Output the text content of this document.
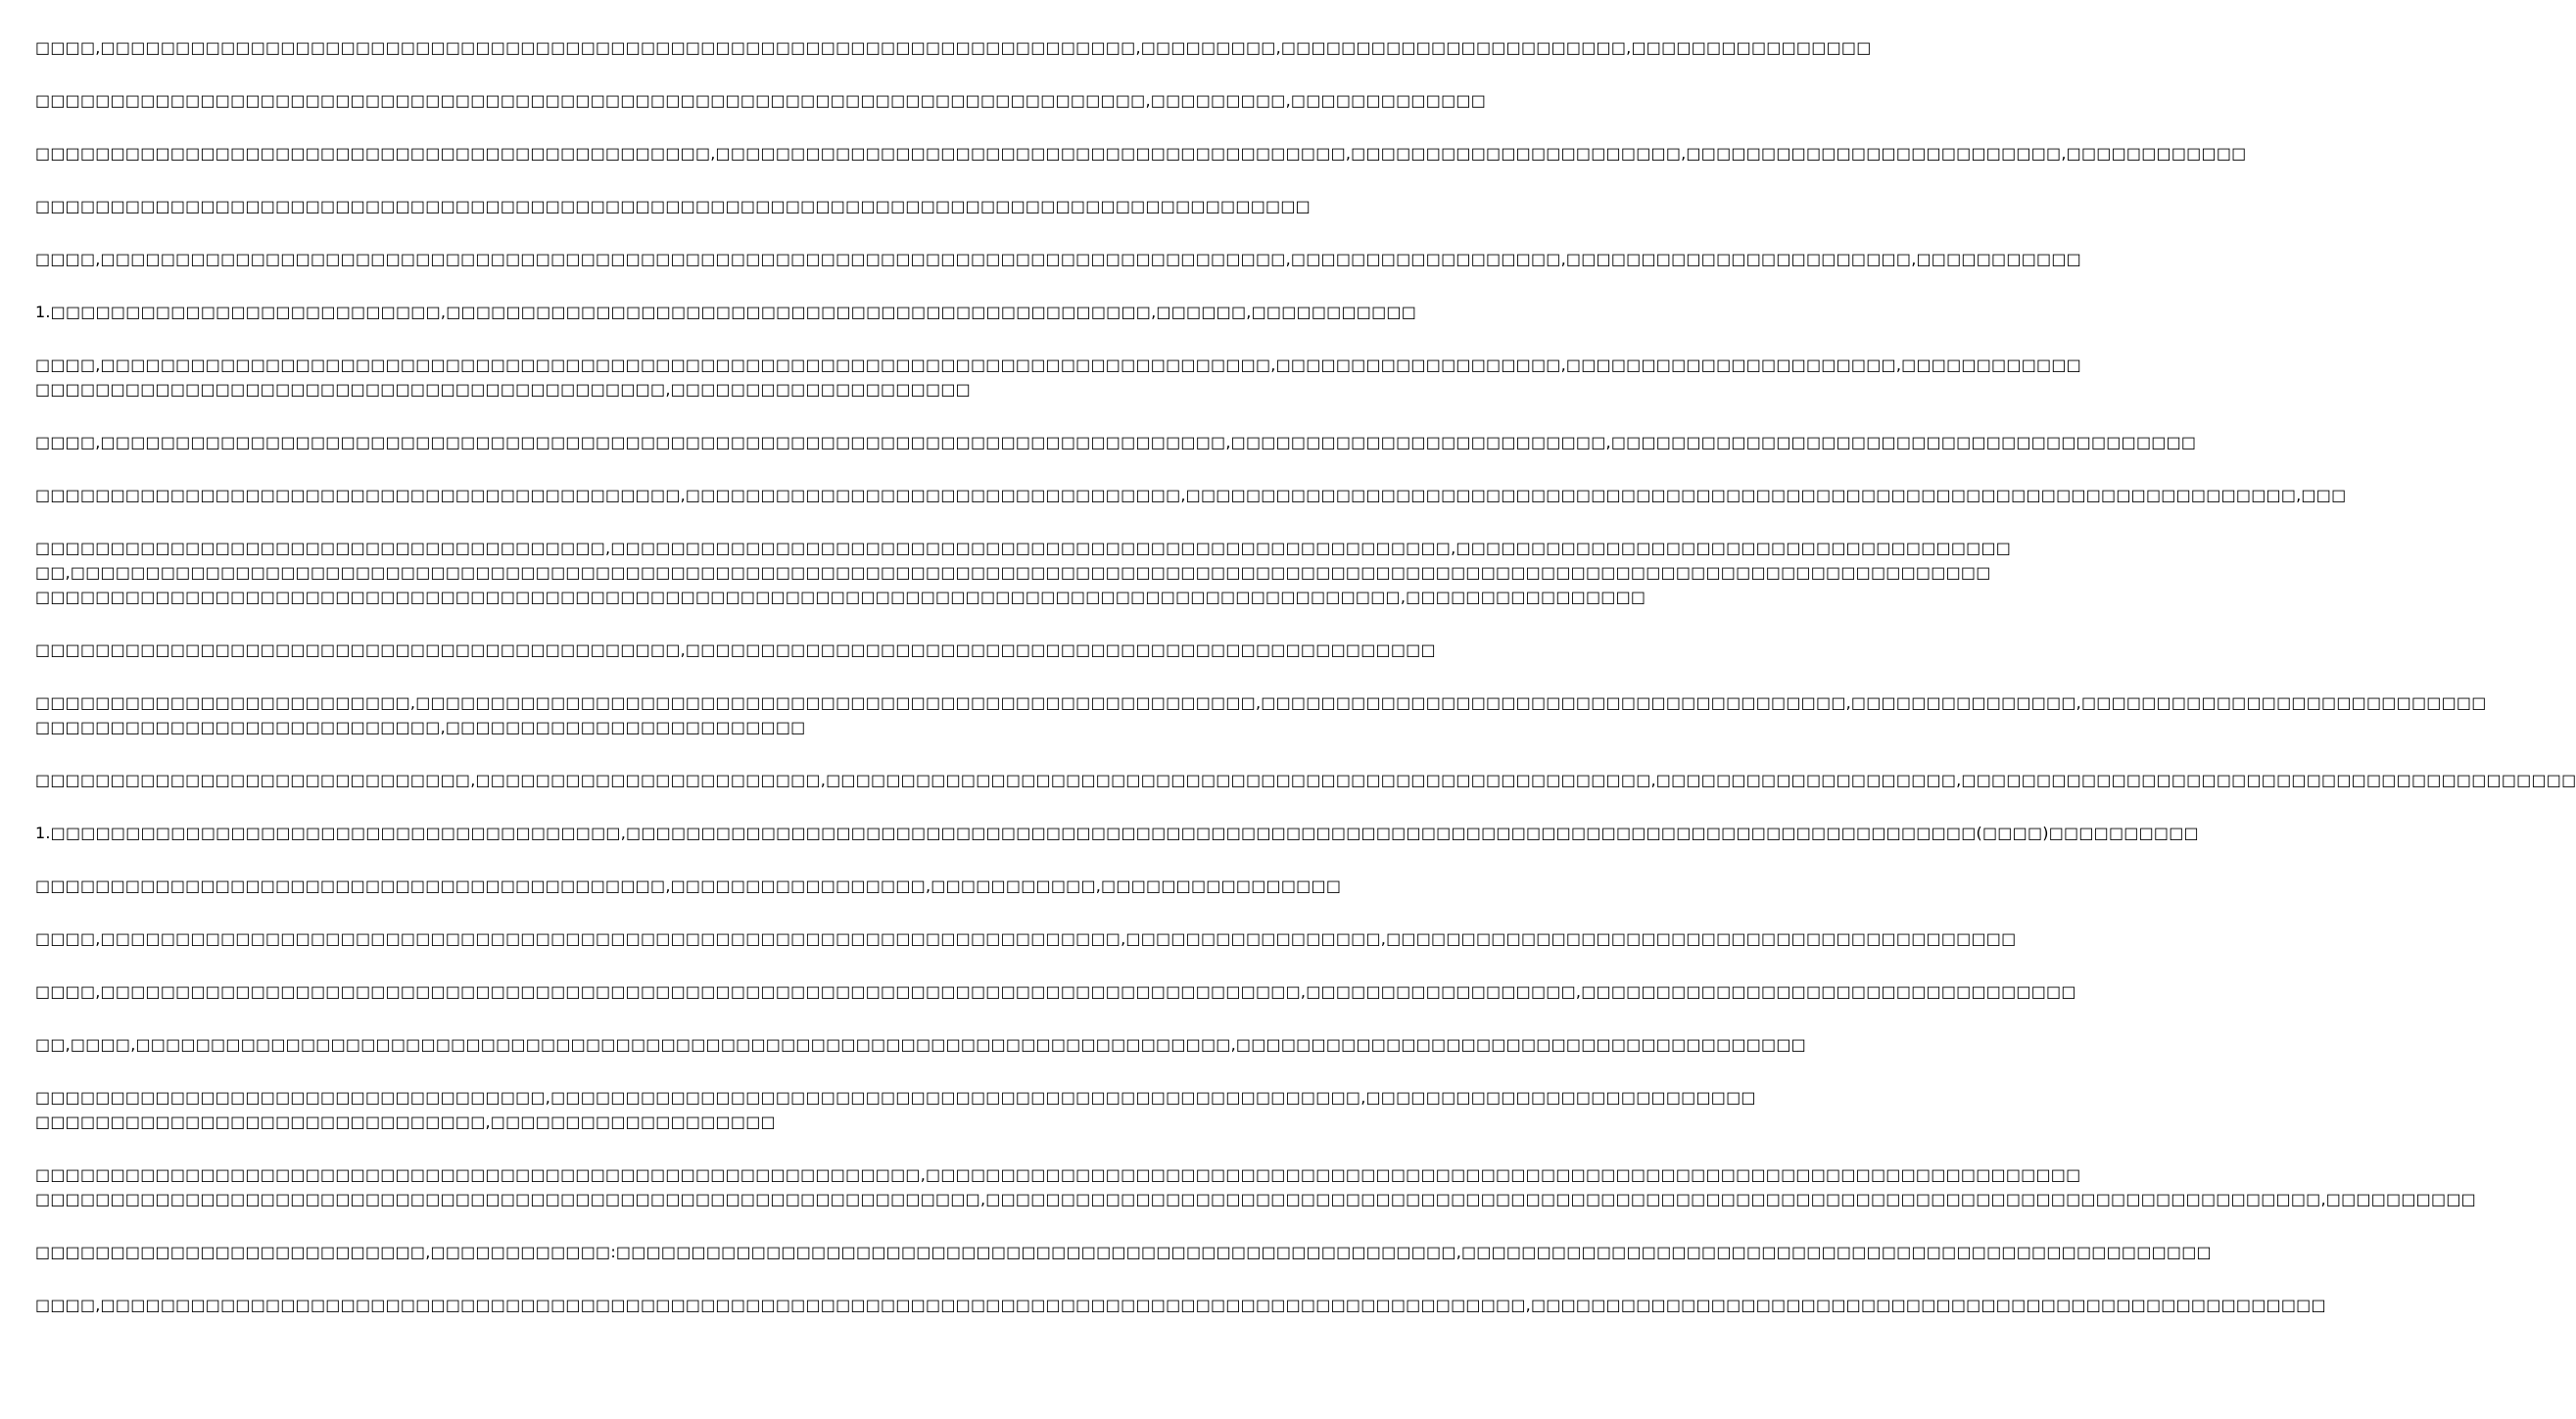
□□□□,□□□□□□□□□□□□□□□□□□□□□□□□□□□□□□□□□□□□□□□□□□□□□□□□□□□□□□□□□□□□□□□□□□□□□,□□□□□□□□□,□□□□□□□□□□□□□□□□□□□□□□□,□□□□□□□□□□□□□□□□

□□□□□□□□□□□□□□□□□□□□□□□□□□□□□□□□□□□□□□□□□□□□□□□□□□□□□□□□□□□□□□□□□□□□□□□□□□,□□□□□□□□□,□□□□□□□□□□□□□

□□□□□□□□□□□□□□□□□□□□□□□□□□□□□□□□□□□□□□□□□□□□□,□□□□□□□□□□□□□□□□□□□□□□□□□□□□□□□□□□□□□□□□□□,□□□□□□□□□□□□□□□□□□□□□□,□□□□□□□□□□□□□□□□□□□□□□□□□,□□□□□□□□□□□□

□□□□□□□□□□□□□□□□□□□□□□□□□□□□□□□□□□□□□□□□□□□□□□□□□□□□□□□□□□□□□□□□□□□□□□□□□□□□□□□□□□□□□

□□□□,□□□□□□□□□□□□□□□□□□□□□□□□□□□□□□□□□□□□□□□□□□□□□□□□□□□□□□□□□□□□□□□□□□□□□□□□□□□□□□□,□□□□□□□□□□□□□□□□□□,□□□□□□□□□□□□□□□□□□□□□□□,□□□□□□□□□□□

1.□□□□□□□□□□□□□□□□□□□□□□□□□□,□□□□□□□□□□□□□□□□□□□□□□□□□□□□□□□□□□□□□□□□□□□□□□□,□□□□□□,□□□□□□□□□□□

□□□□,□□□□□□□□□□□□□□□□□□□□□□□□□□□□□□□□□□□□□□□□□□□□□□□□□□□□□□□□□□□□□□□□□□□□□□□□□□□□□□,□□□□□□□□□□□□□□□□□□□,□□□□□□□□□□□□□□□□□□□□□□,□□□□□□□□□□□□
□□□□□□□□□□□□□□□□□□□□□□□□□□□□□□□□□□□□□□□□□□,□□□□□□□□□□□□□□□□□□□□

□□□□,□□□□□□□□□□□□□□□□□□□□□□□□□□□□□□□□□□□□□□□□□□□□□□□□□□□□□□□□□□□□□□□□□□□□□□□□□□□,□□□□□□□□□□□□□□□□□□□□□□□□□,□□□□□□□□□□□□□□□□□□□□□□□□□□□□□□□□□□□□□□□

□□□□□□□□□□□□□□□□□□□□□□□□□□□□□□□□□□□□□□□□□□□,□□□□□□□□□□□□□□□□□□□□□□□□□□□□□□□□□,□□□□□□□□□□□□□□□□□□□□□□□□□□□□□□□□□□□□□□□□□□□□□□□□□□□□□□□□□□□□□□□□□□□□□□□□□□,□□□

□□□□□□□□□□□□□□□□□□□□□□□□□□□□□□□□□□□□□□,□□□□□□□□□□□□□□□□□□□□□□□□□□□□□□□□□□□□□□□□□□□□□□□□□□□□□□□□,□□□□□□□□□□□□□□□□□□□□□□□□□□□□□□□□□□□□□
□□,□□□□□□□□□□□□□□□□□□□□□□□□□□□□□□□□□□□□□□□□□□□□□□□□□□□□□□□□□□□□□□□□□□□□□□□□□□□□□□□□□□□□□□□□□□□□□□□□□□□□□□□□□□□□□□□□□□□□□□□□□□□□□□□□
□□□□□□□□□□□□□□□□□□□□□□□□□□□□□□□□□□□□□□□□□□□□□□□□□□□□□□□□□□□□□□□□□□□□□□□□□□□□□□□□□□□□□□□□□□□,□□□□□□□□□□□□□□□□

□□□□□□□□□□□□□□□□□□□□□□□□□□□□□□□□□□□□□□□□□□□,□□□□□□□□□□□□□□□□□□□□□□□□□□□□□□□□□□□□□□□□□□□□□□□□□□

□□□□□□□□□□□□□□□□□□□□□□□□□,□□□□□□□□□□□□□□□□□□□□□□□□□□□□□□□□□□□□□□□□□□□□□□□□□□□□□□□□,□□□□□□□□□□□□□□□□□□□□□□□□□□□□□□□□□□□□□□□,□□□□□□□□□□□□□□□,□□□□□□□□□□□□□□□□□□□□□□□□□□□
□□□□□□□□□□□□□□□□□□□□□□□□□□□,□□□□□□□□□□□□□□□□□□□□□□□□

□□□□□□□□□□□□□□□□□□□□□□□□□□□□□,□□□□□□□□□□□□□□□□□□□□□□□,□□□□□□□□□□□□□□□□□□□□□□□□□□□□□□□□□□□□□□□□□□□□□□□□□□□□□□□,□□□□□□□□□□□□□□□□□□□□,□□□□□□□□□□□□□□□□□□□□□□□□□□□□□□□□□□□□□□□□□

1.□□□□□□□□□□□□□□□□□□□□□□□□□□□□□□□□□□□□□□,□□□□□□□□□□□□□□□□□□□□□□□□□□□□□□□□□□□□□□□□□□□□□□□□□□□□□□□□□□□□□□□□□□□□□□□□□□□□□□□□□□□□□□□□□□(□□□□)□□□□□□□□□□

□□□□□□□□□□□□□□□□□□□□□□□□□□□□□□□□□□□□□□□□□□,□□□□□□□□□□□□□□□□□,□□□□□□□□□□□,□□□□□□□□□□□□□□□□

□□□□,□□□□□□□□□□□□□□□□□□□□□□□□□□□□□□□□□□□□□□□□□□□□□□□□□□□□□□□□□□□□□□□□□□□□,□□□□□□□□□□□□□□□□□,□□□□□□□□□□□□□□□□□□□□□□□□□□□□□□□□□□□□□□□□□□

□□□□,□□□□□□□□□□□□□□□□□□□□□□□□□□□□□□□□□□□□□□□□□□□□□□□□□□□□□□□□□□□□□□□□□□□□□□□□□□□□□□□□,□□□□□□□□□□□□□□□□□□,□□□□□□□□□□□□□□□□□□□□□□□□□□□□□□□□□

□□,□□□□,□□□□□□□□□□□□□□□□□□□□□□□□□□□□□□□□□□□□□□□□□□□□□□□□□□□□□□□□□□□□□□□□□□□□□□□□□,□□□□□□□□□□□□□□□□□□□□□□□□□□□□□□□□□□□□□□

□□□□□□□□□□□□□□□□□□□□□□□□□□□□□□□□□□,□□□□□□□□□□□□□□□□□□□□□□□□□□□□□□□□□□□□□□□□□□□□□□□□□□□□□□,□□□□□□□□□□□□□□□□□□□□□□□□□□
□□□□□□□□□□□□□□□□□□□□□□□□□□□□□□,□□□□□□□□□□□□□□□□□□□

□□□□□□□□□□□□□□□□□□□□□□□□□□□□□□□□□□□□□□□□□□□□□□□□□□□□□□□□□□□,□□□□□□□□□□□□□□□□□□□□□□□□□□□□□□□□□□□□□□□□□□□□□□□□□□□□□□□□□□□□□□□□□□□□□□□□□□□□□
□□□□□□□□□□□□□□□□□□□□□□□□□□□□□□□□□□□□□□□□□□□□□□□□□□□□□□□□□□□□□□□,□□□□□□□□□□□□□□□□□□□□□□□□□□□□□□□□□□□□□□□□□□□□□□□□□□□□□□□□□□□□□□□□□□□□□□□□□□□□□□□□□□□□□□□□□,□□□□□□□□□□

□□□□□□□□□□□□□□□□□□□□□□□□□□,□□□□□□□□□□□□:□□□□□□□□□□□□□□□□□□□□□□□□□□□□□□□□□□□□□□□□□□□□□□□□□□□□□□□□,□□□□□□□□□□□□□□□□□□□□□□□□□□□□□□□□□□□□□□□□□□□□□□□□□□

□□□□,□□□□□□□□□□□□□□□□□□□□□□□□□□□□□□□□□□□□□□□□□□□□□□□□□□□□□□□□□□□□□□□□□□□□□□□□□□□□□□□□□□□□□□□□□□□□□□□,□□□□□□□□□□□□□□□□□□□□□□□□□□□□□□□□□□□□□□□□□□□□□□□□□□□□□
